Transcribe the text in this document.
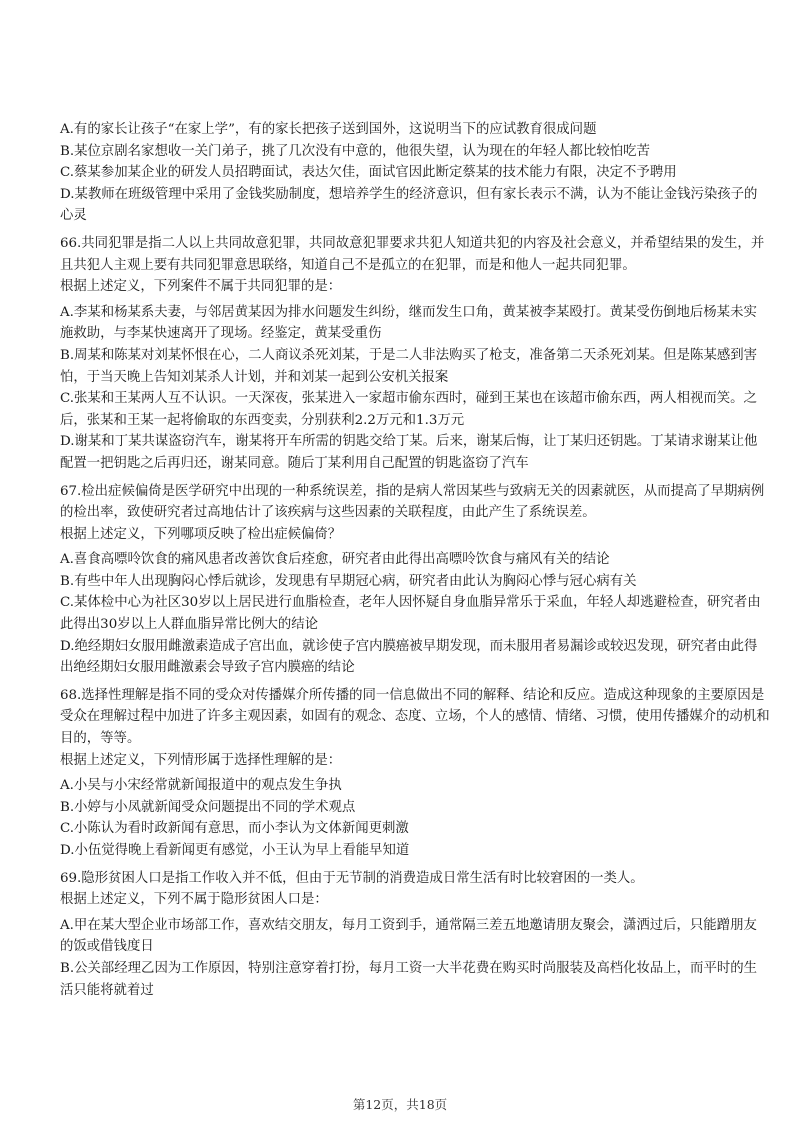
A.有的家长让孩子“在家上学”，有的家长把孩子送到国外，这说明当下的应试教育很成问题
B.某位京剧名家想收一关门弟子，挑了几次没有中意的，他很失望，认为现在的年轻人都比较怕吃苦
C.蔡某参加某企业的研发人员招聘面试，表达欠佳，面试官因此断定蔡某的技术能力有限，决定不予聘用
D.某教师在班级管理中采用了金钱奖励制度，想培养学生的经济意识，但有家长表示不满，认为不能让金钱污染孩子的心灵
66.共同犯罪是指二人以上共同故意犯罪，共同故意犯罪要求共犯人知道共犯的内容及社会意义，并希望结果的发生，并且共犯人主观上要有共同犯罪意思联络，知道自己不是孤立的在犯罪，而是和他人一起共同犯罪。
根据上述定义，下列案件不属于共同犯罪的是：
A.李某和杨某系夫妻，与邻居黄某因为排水问题发生纠纷，继而发生口角，黄某被李某殴打。黄某受伤倒地后杨某未实施救助，与李某快速离开了现场。经鉴定，黄某受重伤
B.周某和陈某对刘某怀恨在心，二人商议杀死刘某，于是二人非法购买了枪支，准备第二天杀死刘某。但是陈某感到害怕，于当天晚上告知刘某杀人计划，并和刘某一起到公安机关报案
C.张某和王某两人互不认识。一天深夜，张某进入一家超市偷东西时，碰到王某也在该超市偷东西，两人相视而笑。之后，张某和王某一起将偷取的东西变卖，分别获利2.2万元和1.3万元
D.谢某和丁某共谋盗窃汽车，谢某将开车所需的钥匙交给丁某。后来，谢某后悔，让丁某归还钥匙。丁某请求谢某让他配置一把钥匙之后再归还，谢某同意。随后丁某利用自己配置的钥匙盗窃了汽车
67.检出症候偏倚是医学研究中出现的一种系统误差，指的是病人常因某些与致病无关的因素就医，从而提高了早期病例的检出率，致使研究者过高地估计了该疾病与这些因素的关联程度，由此产生了系统误差。
根据上述定义，下列哪项反映了检出症候偏倚？
A.喜食高嘌呤饮食的痛风患者改善饮食后痊愈，研究者由此得出高嘌呤饮食与痛风有关的结论
B.有些中年人出现胸闷心悸后就诊，发现患有早期冠心病，研究者由此认为胸闷心悸与冠心病有关
C.某体检中心为社区30岁以上居民进行血脂检查，老年人因怀疑自身血脂异常乐于采血，年轻人却逃避检查，研究者由此得出30岁以上人群血脂异常比例大的结论
D.绝经期妇女服用雌激素造成子宫出血，就诊使子宫内膜癌被早期发现，而未服用者易漏诊或较迟发现，研究者由此得出绝经期妇女服用雌激素会导致子宫内膜癌的结论
68.选择性理解是指不同的受众对传播媒介所传播的同一信息做出不同的解释、结论和反应。造成这种现象的主要原因是受众在理解过程中加进了许多主观因素，如固有的观念、态度、立场，个人的感情、情绪、习惯，使用传播媒介的动机和目的，等等。
根据上述定义，下列情形属于选择性理解的是：
A.小吴与小宋经常就新闻报道中的观点发生争执
B.小婷与小凤就新闻受众问题提出不同的学术观点
C.小陈认为看时政新闻有意思，而小李认为文体新闻更刺激
D.小伍觉得晚上看新闻更有感觉，小王认为早上看能早知道
69.隐形贫困人口是指工作收入并不低，但由于无节制的消费造成日常生活有时比较窘困的一类人。
根据上述定义，下列不属于隐形贫困人口是：
A.甲在某大型企业市场部工作，喜欢结交朋友，每月工资到手，通常隔三差五地邀请朋友聚会，潇洒过后，只能蹭朋友的饭或借钱度日
B.公关部经理乙因为工作原因，特别注意穿着打扮，每月工资一大半花费在购买时尚服装及高档化妆品上，而平时的生活只能将就着过
第12页，共18页
